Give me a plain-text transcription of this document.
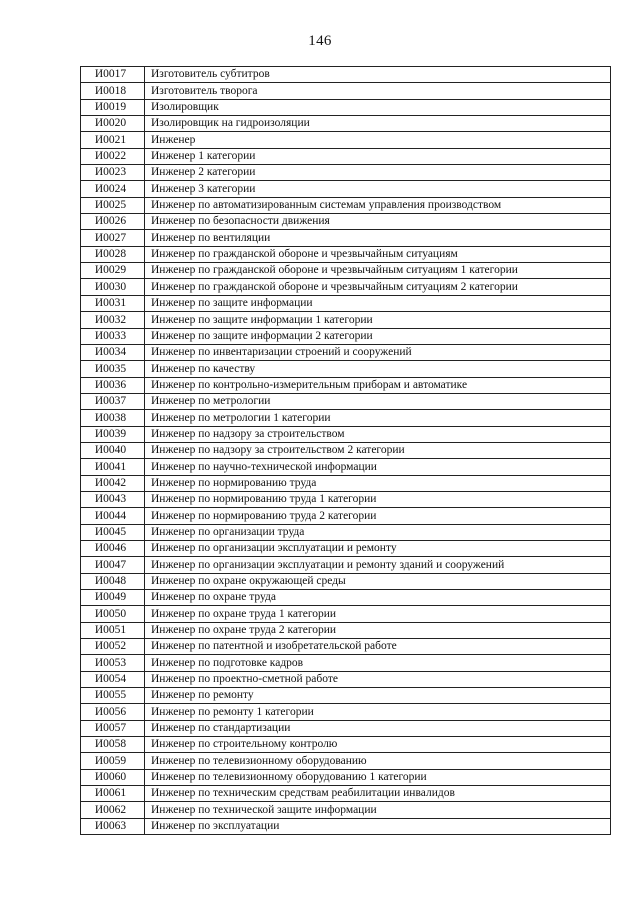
146
И0017	Изготовитель субтитров
И0018	Изготовитель творога
И0019	Изолировщик
И0020	Изолировщик на гидроизоляции
И0021	Инженер
И0022	Инженер 1 категории
И0023	Инженер 2 категории
И0024	Инженер 3 категории
И0025	Инженер по автоматизированным системам управления производством
И0026	Инженер по безопасности движения
И0027	Инженер по вентиляции
И0028	Инженер по гражданской обороне и чрезвычайным ситуациям
И0029	Инженер по гражданской обороне и чрезвычайным ситуациям 1 категории
И0030	Инженер по гражданской обороне и чрезвычайным ситуациям 2 категории
И0031	Инженер по защите информации
И0032	Инженер по защите информации 1 категории
И0033	Инженер по защите информации 2 категории
И0034	Инженер по инвентаризации строений и сооружений
И0035	Инженер по качеству
И0036	Инженер по контрольно-измерительным приборам и автоматике
И0037	Инженер по метрологии
И0038	Инженер по метрологии 1 категории
И0039	Инженер по надзору за строительством
И0040	Инженер по надзору за строительством 2 категории
И0041	Инженер по научно-технической информации
И0042	Инженер по нормированию труда
И0043	Инженер по нормированию труда 1 категории
И0044	Инженер по нормированию труда 2 категории
И0045	Инженер по организации труда
И0046	Инженер по организации эксплуатации и ремонту
И0047	Инженер по организации эксплуатации и ремонту зданий и сооружений
И0048	Инженер по охране окружающей среды
И0049	Инженер по охране труда
И0050	Инженер по охране труда 1 категории
И0051	Инженер по охране труда 2 категории
И0052	Инженер по патентной и изобретательской работе
И0053	Инженер по подготовке кадров
И0054	Инженер по проектно-сметной работе
И0055	Инженер по ремонту
И0056	Инженер по ремонту 1 категории
И0057	Инженер по стандартизации
И0058	Инженер по строительному контролю
И0059	Инженер по телевизионному оборудованию
И0060	Инженер по телевизионному оборудованию 1 категории
И0061	Инженер по техническим средствам реабилитации инвалидов
И0062	Инженер по технической защите информации
И0063	Инженер по эксплуатации
